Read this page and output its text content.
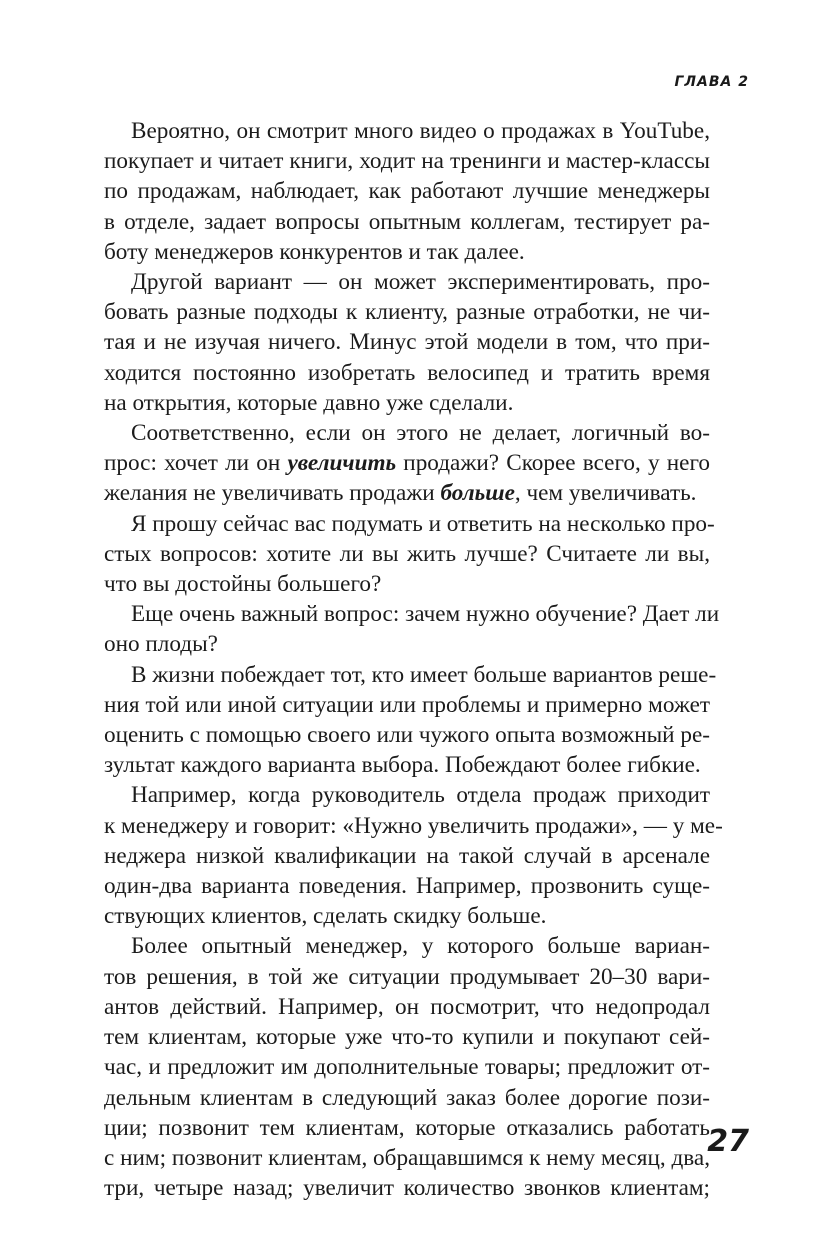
ГЛАВА 2

Вероятно, он смотрит много видео о продажах в YouTube,
покупает и читает книги, ходит на тренинги и мастер-классы
по продажам, наблюдает, как работают лучшие менеджеры
в отделе, задает вопросы опытным коллегам, тестирует ра-
боту менеджеров конкурентов и так далее.

Другой вариант — он может экспериментировать, про-
бовать разные подходы к клиенту, разные отработки, не чи-
тая и не изучая ничего. Минус этой модели в том, что при-
ходится постоянно изобретать велосипед и тратить время
на открытия, которые давно уже сделали.

Соответственно, если он этого не делает, логичный во-
прос: хочет ли он увеличить продажи? Скорее всего, у него
желания не увеличивать продажи больше, чем увеличивать.

Я прошу сейчас вас подумать и ответить на несколько про-
стых вопросов: хотите ли вы жить лучше? Считаете ли вы,
что вы достойны большего?

Еще очень важный вопрос: зачем нужно обучение? Дает ли
оно плоды?

В жизни побеждает тот, кто имеет больше вариантов реше-
ния той или иной ситуации или проблемы и примерно может
оценить с помощью своего или чужого опыта возможный ре-
зультат каждого варианта выбора. Побеждают более гибкие.

Например, когда руководитель отдела продаж приходит
к менеджеру и говорит: «Нужно увеличить продажи», — у ме-
неджера низкой квалификации на такой случай в арсенале
один-два варианта поведения. Например, прозвонить суще-
ствующих клиентов, сделать скидку больше.

Более опытный менеджер, у которого больше вариан-
тов решения, в той же ситуации продумывает 20–30 вари-
антов действий. Например, он посмотрит, что недопродал
тем клиентам, которые уже что-то купили и покупают сей-
час, и предложит им дополнительные товары; предложит от-
дельным клиентам в следующий заказ более дорогие пози-
ции; позвонит тем клиентам, которые отказались работать
с ним; позвонит клиентам, обращавшимся к нему месяц, два,
три, четыре назад; увеличит количество звонков клиентам;

27
